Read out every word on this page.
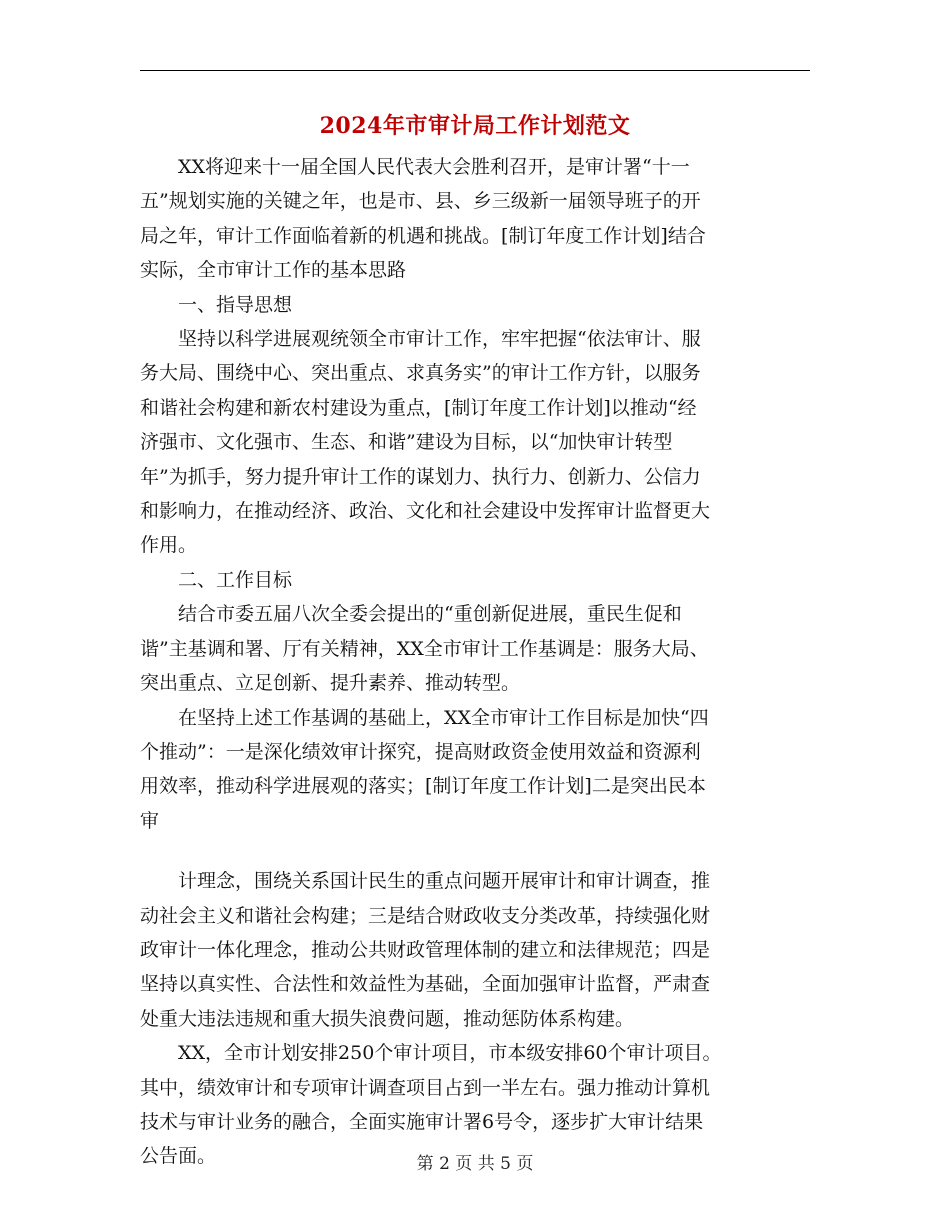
2024年市审计局工作计划范文

XX将迎来十一届全国人民代表大会胜利召开，是审计署“十一
五”规划实施的关键之年，也是市、县、乡三级新一届领导班子的开
局之年，审计工作面临着新的机遇和挑战。[制订年度工作计划]结合
实际，全市审计工作的基本思路

一、指导思想

坚持以科学进展观统领全市审计工作，牢牢把握“依法审计、服
务大局、围绕中心、突出重点、求真务实”的审计工作方针，以服务
和谐社会构建和新农村建设为重点，[制订年度工作计划]以推动“经
济强市、文化强市、生态、和谐”建设为目标，以“加快审计转型
年”为抓手，努力提升审计工作的谋划力、执行力、创新力、公信力
和影响力，在推动经济、政治、文化和社会建设中发挥审计监督更大
作用。

二、工作目标

结合市委五届八次全委会提出的“重创新促进展，重民生促和
谐”主基调和署、厅有关精神，XX全市审计工作基调是：服务大局、
突出重点、立足创新、提升素养、推动转型。

在坚持上述工作基调的基础上，XX全市审计工作目标是加快“四
个推动”：一是深化绩效审计探究，提高财政资金使用效益和资源利
用效率，推动科学进展观的落实；[制订年度工作计划]二是突出民本
审

计理念，围绕关系国计民生的重点问题开展审计和审计调查，推
动社会主义和谐社会构建；三是结合财政收支分类改革，持续强化财
政审计一体化理念，推动公共财政管理体制的建立和法律规范；四是
坚持以真实性、合法性和效益性为基础，全面加强审计监督，严肃查
处重大违法违规和重大损失浪费问题，推动惩防体系构建。

XX，全市计划安排250个审计项目，市本级安排60个审计项目。
其中，绩效审计和专项审计调查项目占到一半左右。强力推动计算机
技术与审计业务的融合，全面实施审计署6号令，逐步扩大审计结果
公告面。	第 2 页 共 5 页
